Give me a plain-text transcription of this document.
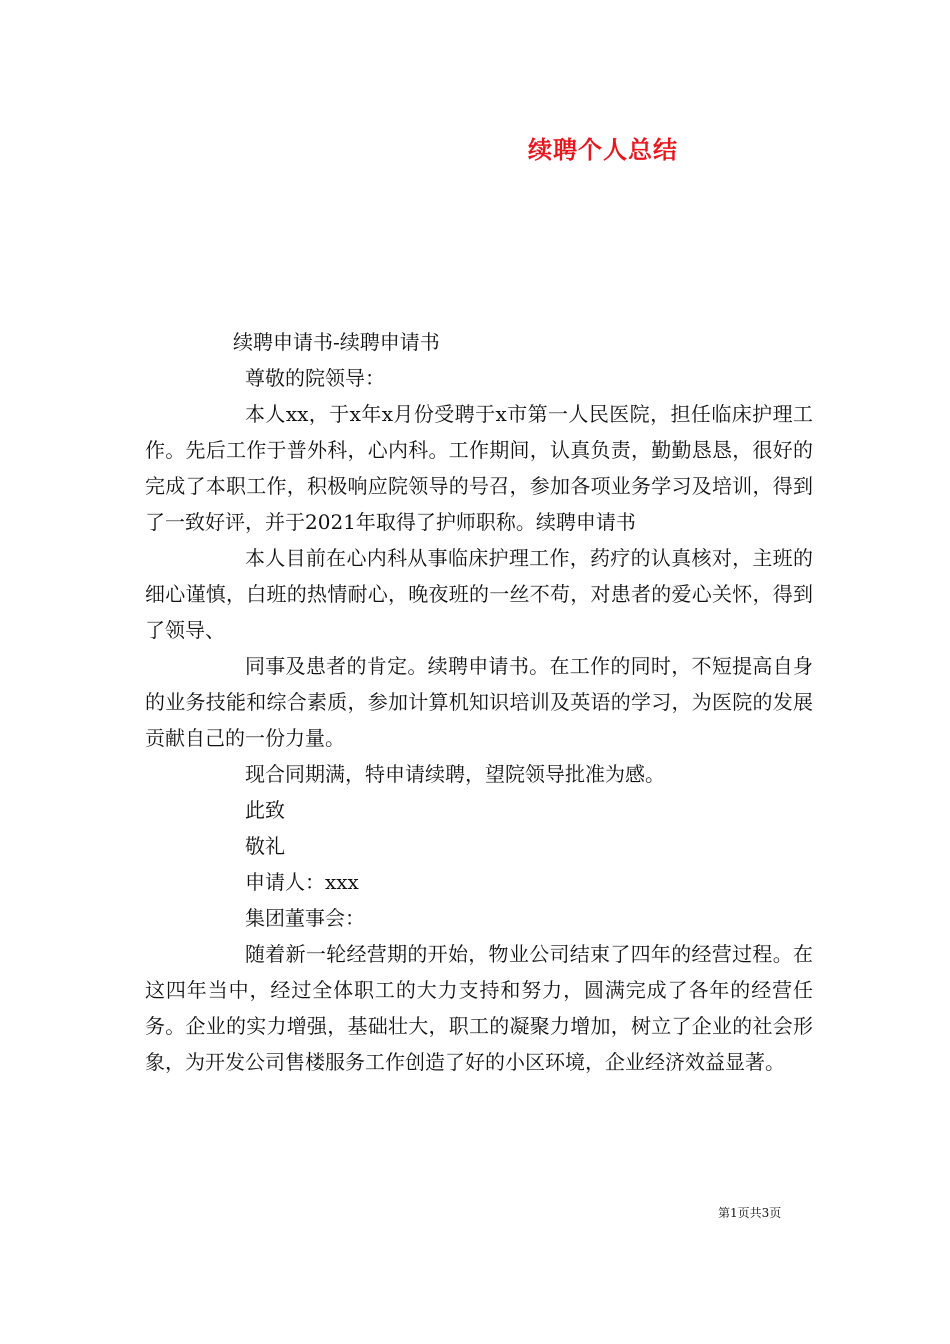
续聘个人总结
续聘申请书-续聘申请书

尊敬的院领导：

本人xx，于x年x月份受聘于x市第一人民医院，担任临床护理工作。先后工作于普外科，心内科。工作期间，认真负责，勤勤恳恳，很好的完成了本职工作，积极响应院领导的号召，参加各项业务学习及培训，得到了一致好评，并于2021年取得了护师职称。续聘申请书

本人目前在心内科从事临床护理工作，药疗的认真核对，主班的细心谨慎，白班的热情耐心，晚夜班的一丝不苟，对患者的爱心关怀，得到了领导、

同事及患者的肯定。续聘申请书。在工作的同时，不短提高自身的业务技能和综合素质，参加计算机知识培训及英语的学习，为医院的发展贡献自己的一份力量。

现合同期满，特申请续聘，望院领导批准为感。

此致

敬礼

申请人：xxx

集团董事会：

随着新一轮经营期的开始，物业公司结束了四年的经营过程。在这四年当中，经过全体职工的大力支持和努力，圆满完成了各年的经营任务。企业的实力增强，基础壮大，职工的凝聚力增加，树立了企业的社会形象，为开发公司售楼服务工作创造了好的小区环境，企业经济效益显著。

第1页共3页
